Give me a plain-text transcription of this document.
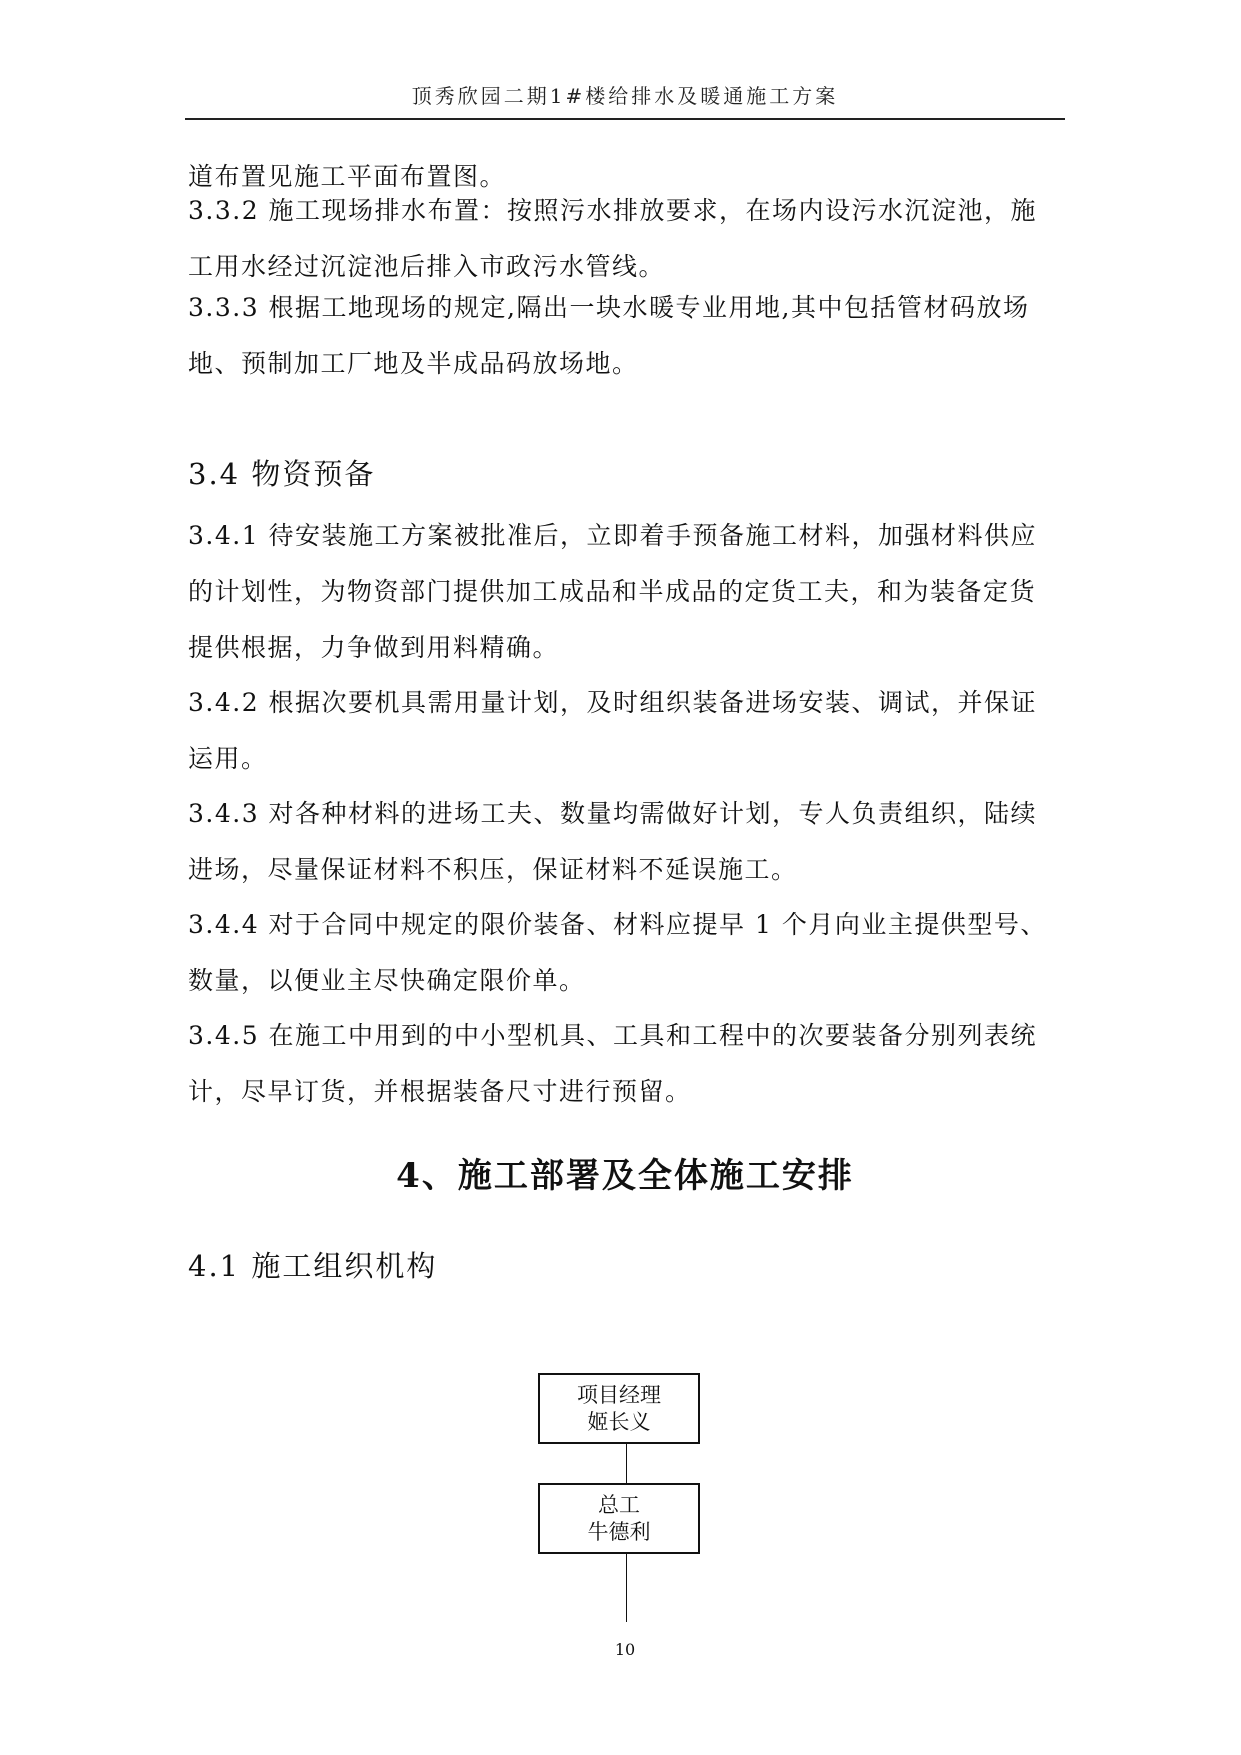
顶秀欣园二期1#楼给排水及暖通施工方案

道布置见施工平面布置图。

3.3.2 施工现场排水布置：按照污水排放要求，在场内设污水沉淀池，施
工用水经过沉淀池后排入市政污水管线。

3.3.3 根据工地现场的规定,隔出一块水暖专业用地,其中包括管材码放场
地、预制加工厂地及半成品码放场地。

3.4 物资预备

3.4.1 待安装施工方案被批准后，立即着手预备施工材料，加强材料供应
的计划性，为物资部门提供加工成品和半成品的定货工夫，和为装备定货
提供根据，力争做到用料精确。

3.4.2 根据次要机具需用量计划，及时组织装备进场安装、调试，并保证
运用。

3.4.3 对各种材料的进场工夫、数量均需做好计划，专人负责组织，陆续
进场，尽量保证材料不积压，保证材料不延误施工。

3.4.4 对于合同中规定的限价装备、材料应提早 1 个月向业主提供型号、
数量，以便业主尽快确定限价单。

3.4.5 在施工中用到的中小型机具、工具和工程中的次要装备分别列表统
计，尽早订货，并根据装备尺寸进行预留。

4、施工部署及全体施工安排
4.1 施工组织机构
项目经理
姬长义
总工
牛德利
10
